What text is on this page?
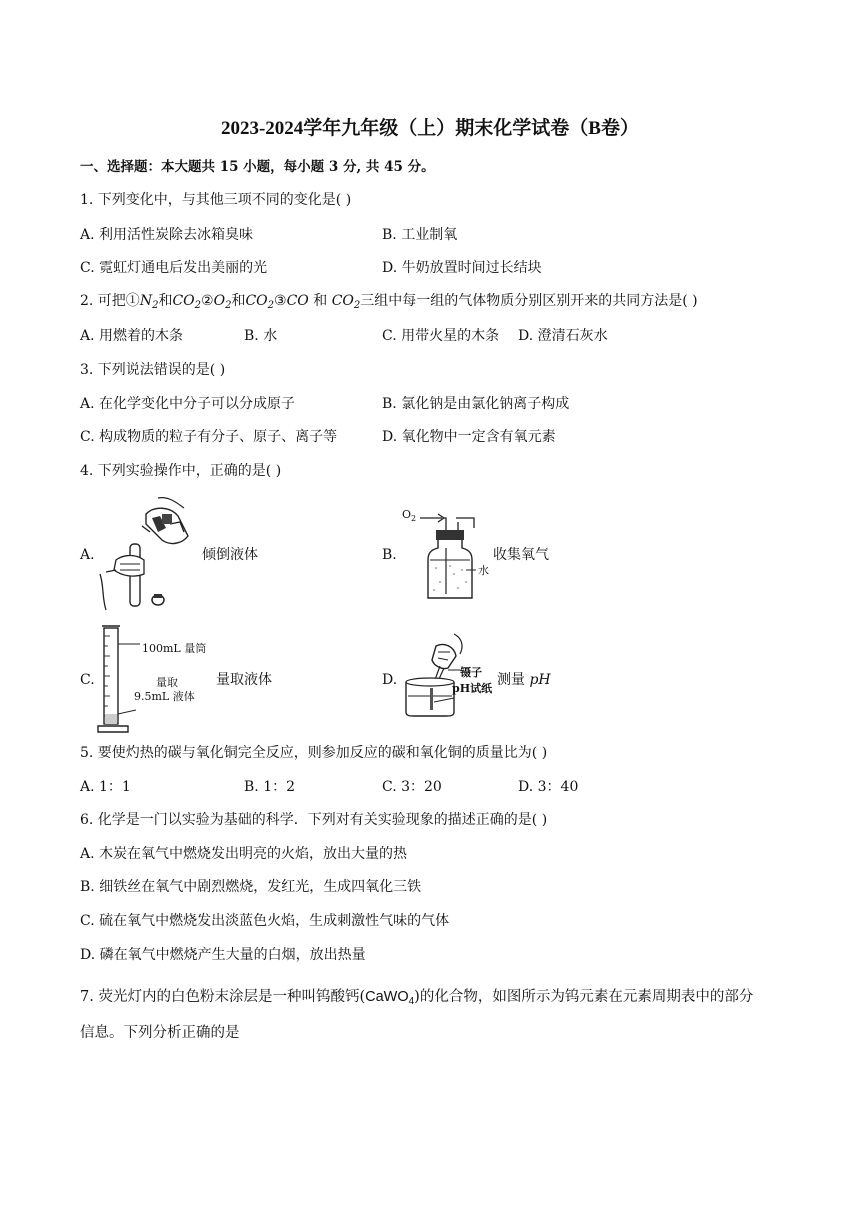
2023-2024学年九年级（上）期末化学试卷（B卷）
一、选择题：本大题共 15 小题，每小题 3 分, 共 45 分。
1. 下列变化中，与其他三项不同的变化是( )
A. 利用活性炭除去冰箱臭味	B. 工业制氧
C. 霓虹灯通电后发出美丽的光	D. 牛奶放置时间过长结块
2. 可把$①N_2$和$CO_2②O_2$和$CO_2③CO$ 和 $CO_2$三组中每一组的气体物质分别区别开来的共同方法是( )
A. 用燃着的木条	B. 水	C. 用带火星的木条 D. 澄清石灰水
3. 下列说法错误的是( )
A. 在化学变化中分子可以分成原子	B. 氯化钠是由氯化钠离子构成
C. 构成物质的粒子有分子、原子、离子等	D. 氧化物中一定含有氧元素
4. 下列实验操作中，正确的是( )
A.	倾倒液体	B.
$O_2$
水
收集氧气
C.
100mL 量筒
量取
9.5mL 液体
量取液体	D.	镊子
pH试纸
测量 pH
5. 要使灼热的碳与氧化铜完全反应，则参加反应的碳和氧化铜的质量比为( )
A. 1：1	B. 1：2	C. 3：20	D. 3：40
6. 化学是一门以实验为基础的科学．下列对有关实验现象的描述正确的是( )
A. 木炭在氧气中燃烧发出明亮的火焰，放出大量的热
B. 细铁丝在氧气中剧烈燃烧，发红光，生成四氧化三铁
C. 硫在氧气中燃烧发出淡蓝色火焰，生成刺激性气味的气体
D. 磷在氧气中燃烧产生大量的白烟，放出热量
7. 荧光灯内的白色粉末涂层是一种叫钨酸钙(CaWO$_4$)的化合物，如图所示为钨元素在元素周期表中的部分
信息。下列分析正确的是
